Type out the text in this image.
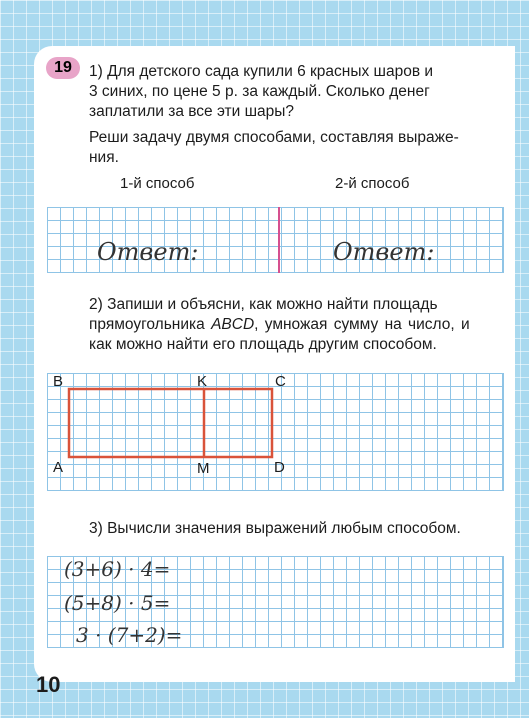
19 1) Для детского сада купили 6 красных шаров и
3 синих, по цене 5 р. за каждый. Сколько денег
заплатили за все эти шары?
Реши задачу двумя способами, составляя выраже-
ния.
1-й способ	2-й способ
Ответ:	Ответ:
2) Запиши и объясни, как можно найти площадь
прямоугольника ABCD, умножая сумму на число, и
как можно найти его площадь другим способом.
B	K	C
A	M	D
3) Вычисли значения выражений любым способом.
(3+6) · 4=
(5+8) · 5=
3 · (7+2)=
10
